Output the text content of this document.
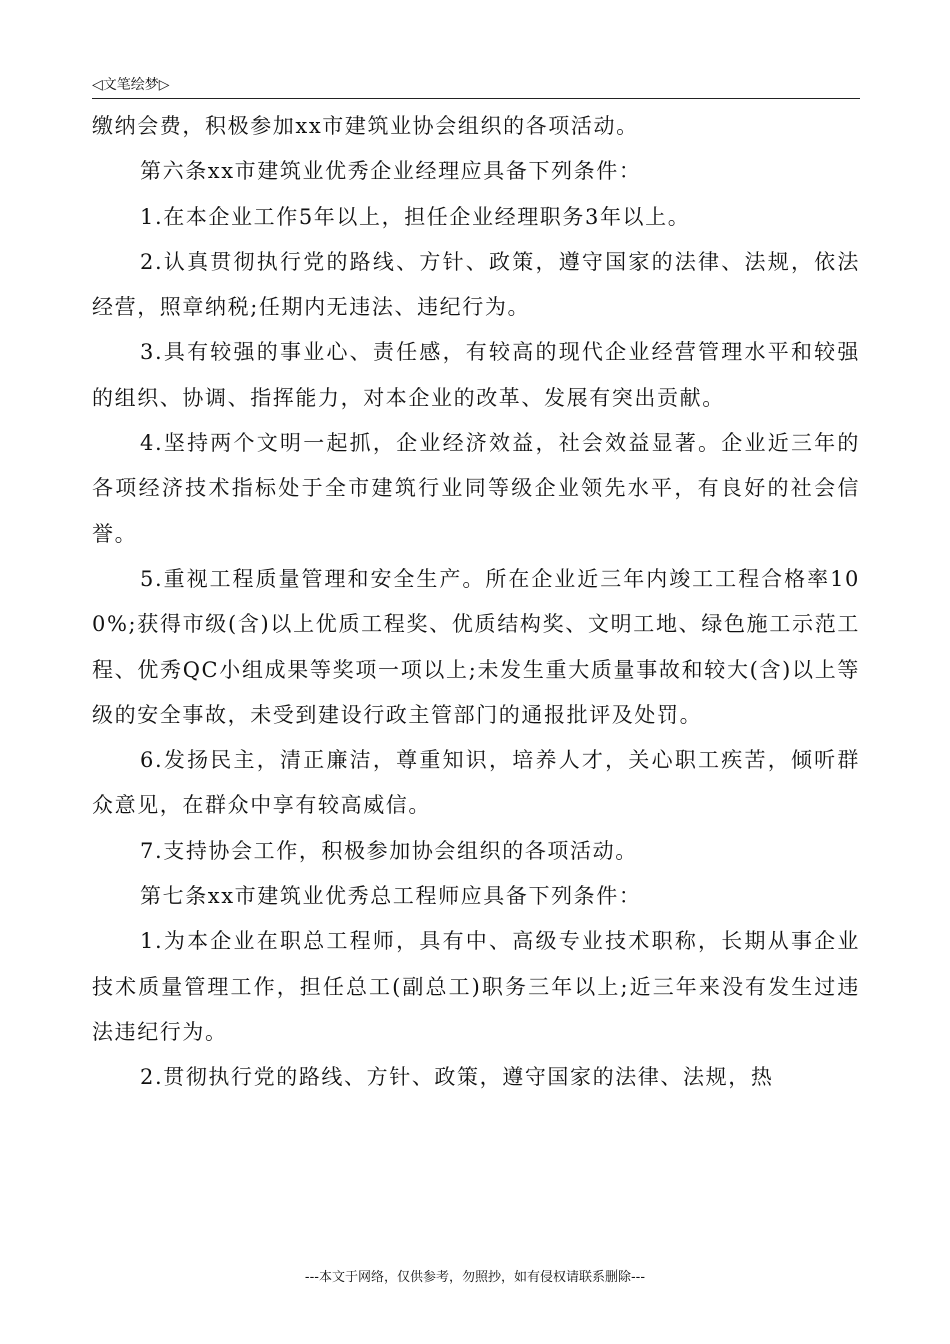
◁文笔绘梦▷

缴纳会费，积极参加xx市建筑业协会组织的各项活动。

第六条xx市建筑业优秀企业经理应具备下列条件：

1.在本企业工作5年以上，担任企业经理职务3年以上。

2.认真贯彻执行党的路线、方针、政策，遵守国家的法律、法规，依法经营，照章纳税;任期内无违法、违纪行为。

3.具有较强的事业心、责任感，有较高的现代企业经营管理水平和较强的组织、协调、指挥能力，对本企业的改革、发展有突出贡献。

4.坚持两个文明一起抓，企业经济效益，社会效益显著。企业近三年的各项经济技术指标处于全市建筑行业同等级企业领先水平，有良好的社会信誉。

5.重视工程质量管理和安全生产。所在企业近三年内竣工工程合格率100%;获得市级(含)以上优质工程奖、优质结构奖、文明工地、绿色施工示范工程、优秀QC小组成果等奖项一项以上;未发生重大质量事故和较大(含)以上等级的安全事故，未受到建设行政主管部门的通报批评及处罚。

6.发扬民主，清正廉洁，尊重知识，培养人才，关心职工疾苦，倾听群众意见，在群众中享有较高威信。

7.支持协会工作，积极参加协会组织的各项活动。

第七条xx市建筑业优秀总工程师应具备下列条件：

1.为本企业在职总工程师，具有中、高级专业技术职称，长期从事企业技术质量管理工作，担任总工(副总工)职务三年以上;近三年来没有发生过违法违纪行为。

2.贯彻执行党的路线、方针、政策，遵守国家的法律、法规，热

---本文于网络，仅供参考，勿照抄，如有侵权请联系删除---
